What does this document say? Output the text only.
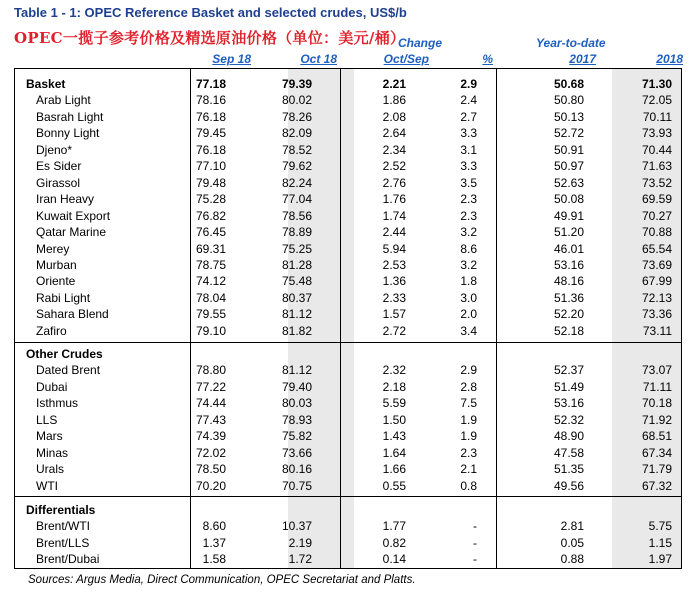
Table 1 - 1: OPEC Reference Basket and selected crudes, US$/b
OPEC一揽子参考价格及精选原油价格（单位：美元/桶）
Change	Year-to-date
Sep 18	Oct 18	Oct/Sep	%	2017	2018
Basket	77.18	79.39	2.21	2.9	50.68	71.30
Arab Light	78.16	80.02	1.86	2.4	50.80	72.05
Basrah Light	76.18	78.26	2.08	2.7	50.13	70.11
Bonny Light	79.45	82.09	2.64	3.3	52.72	73.93
Djeno*	76.18	78.52	2.34	3.1	50.91	70.44
Es Sider	77.10	79.62	2.52	3.3	50.97	71.63
Girassol	79.48	82.24	2.76	3.5	52.63	73.52
Iran Heavy	75.28	77.04	1.76	2.3	50.08	69.59
Kuwait Export	76.82	78.56	1.74	2.3	49.91	70.27
Qatar Marine	76.45	78.89	2.44	3.2	51.20	70.88
Merey	69.31	75.25	5.94	8.6	46.01	65.54
Murban	78.75	81.28	2.53	3.2	53.16	73.69
Oriente	74.12	75.48	1.36	1.8	48.16	67.99
Rabi Light	78.04	80.37	2.33	3.0	51.36	72.13
Sahara Blend	79.55	81.12	1.57	2.0	52.20	73.36
Zafiro	79.10	81.82	2.72	3.4	52.18	73.11
Other Crudes
Dated Brent	78.80	81.12	2.32	2.9	52.37	73.07
Dubai	77.22	79.40	2.18	2.8	51.49	71.11
Isthmus	74.44	80.03	5.59	7.5	53.16	70.18
LLS	77.43	78.93	1.50	1.9	52.32	71.92
Mars	74.39	75.82	1.43	1.9	48.90	68.51
Minas	72.02	73.66	1.64	2.3	47.58	67.34
Urals	78.50	80.16	1.66	2.1	51.35	71.79
WTI	70.20	70.75	0.55	0.8	49.56	67.32
Differentials
Brent/WTI	8.60	10.37	1.77	-	2.81	5.75
Brent/LLS	1.37	2.19	0.82	-	0.05	1.15
Brent/Dubai	1.58	1.72	0.14	-	0.88	1.97
Sources: Argus Media, Direct Communication, OPEC Secretariat and Platts.
